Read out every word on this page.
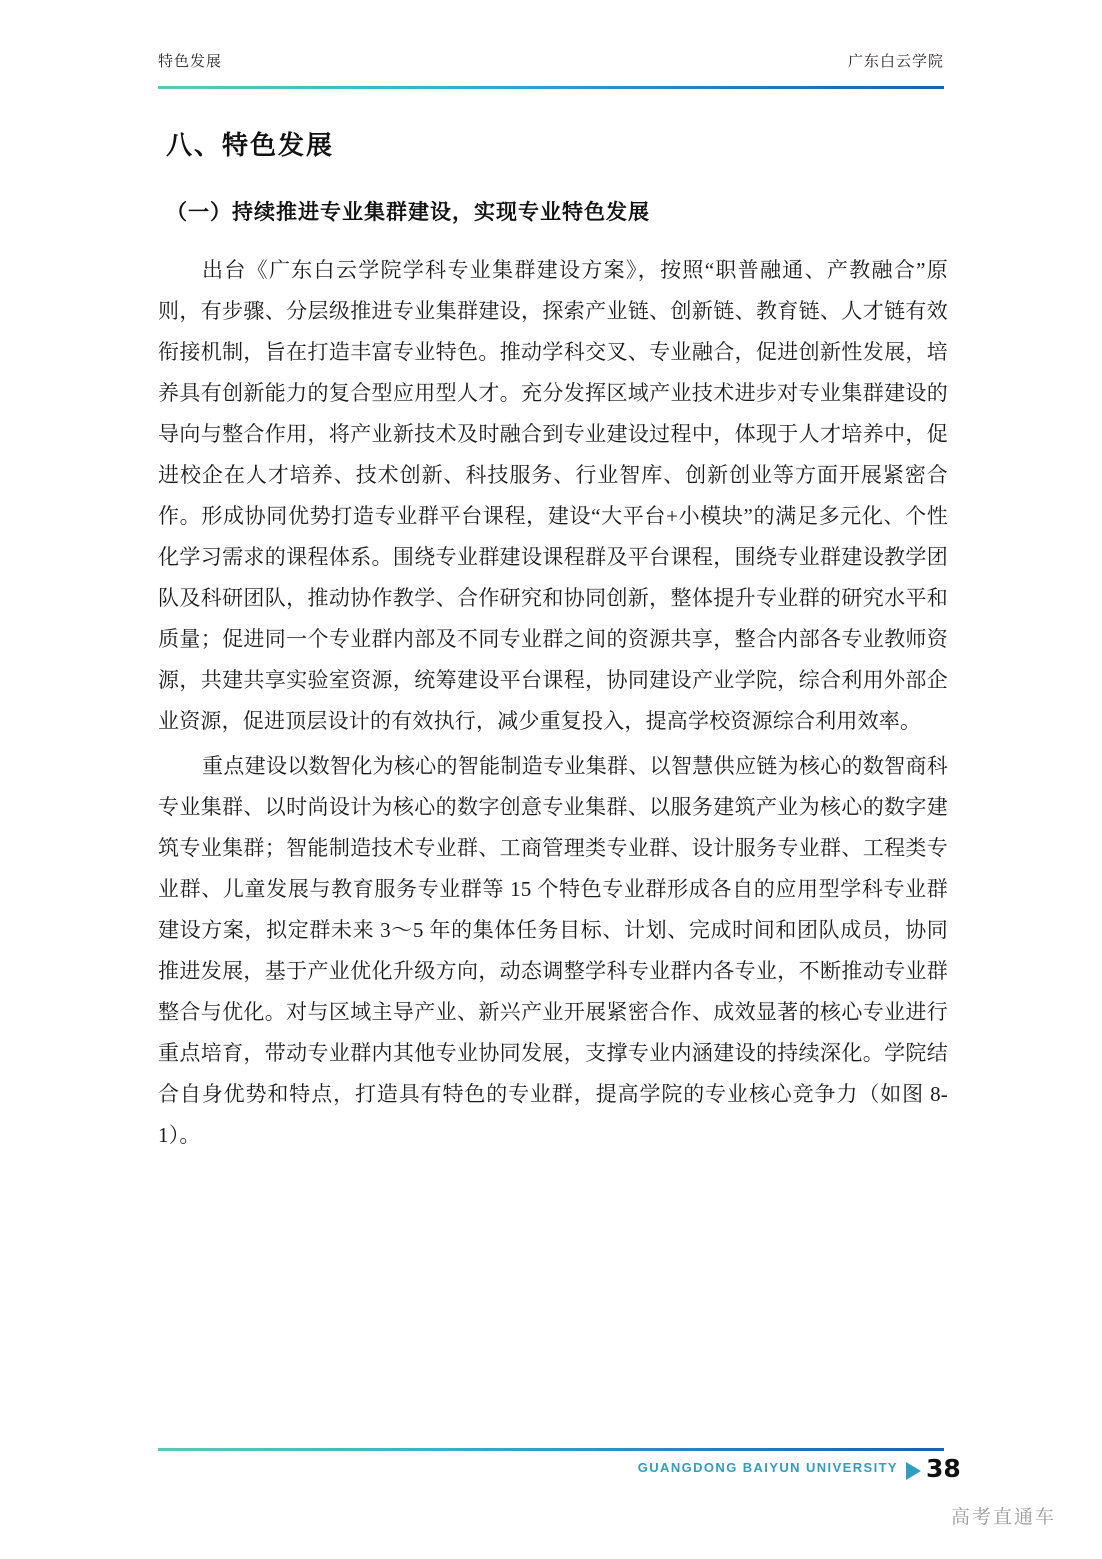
特色发展	广东白云学院
八、特色发展
（一）持续推进专业集群建设，实现专业特色发展

出台《广东白云学院学科专业集群建设方案》，按照“职普融通、产教融合”原则，有步骤、分层级推进专业集群建设，探索产业链、创新链、教育链、人才链有效衔接机制，旨在打造丰富专业特色。推动学科交叉、专业融合，促进创新性发展，培养具有创新能力的复合型应用型人才。充分发挥区域产业技术进步对专业集群建设的导向与整合作用，将产业新技术及时融合到专业建设过程中，体现于人才培养中，促进校企在人才培养、技术创新、科技服务、行业智库、创新创业等方面开展紧密合作。形成协同优势打造专业群平台课程，建设“大平台+小模块”的满足多元化、个性化学习需求的课程体系。围绕专业群建设课程群及平台课程，围绕专业群建设教学团队及科研团队，推动协作教学、合作研究和协同创新，整体提升专业群的研究水平和质量；促进同一个专业群内部及不同专业群之间的资源共享，整合内部各专业教师资源，共建共享实验室资源，统筹建设平台课程，协同建设产业学院，综合利用外部企业资源，促进顶层设计的有效执行，减少重复投入，提高学校资源综合利用效率。

重点建设以数智化为核心的智能制造专业集群、以智慧供应链为核心的数智商科专业集群、以时尚设计为核心的数字创意专业集群、以服务建筑产业为核心的数字建筑专业集群；智能制造技术专业群、工商管理类专业群、设计服务专业群、工程类专业群、儿童发展与教育服务专业群等 15 个特色专业群形成各自的应用型学科专业群建设方案，拟定群未来 3～5 年的集体任务目标、计划、完成时间和团队成员，协同推进发展，基于产业优化升级方向，动态调整学科专业群内各专业，不断推动专业群整合与优化。对与区域主导产业、新兴产业开展紧密合作、成效显著的核心专业进行重点培育，带动专业群内其他专业协同发展，支撑专业内涵建设的持续深化。学院结合自身优势和特点，打造具有特色的专业群，提高学院的专业核心竞争力（如图 8-1）。

GUANGDONG BAIYUN UNIVERSITY 38
高考直通车
